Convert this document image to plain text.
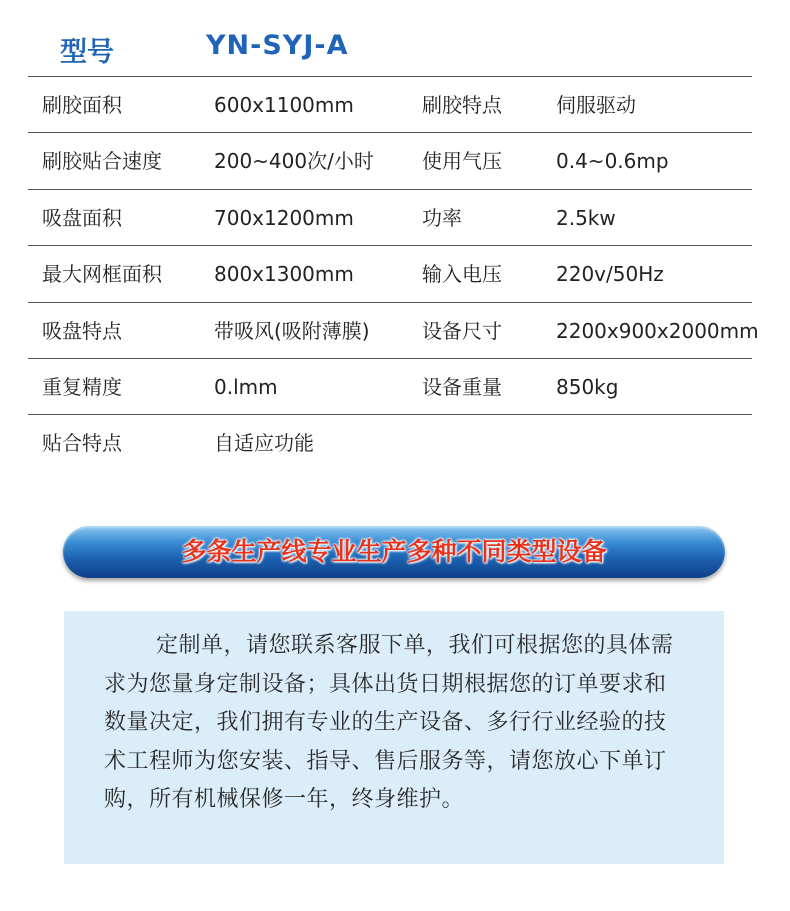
型号	YN-SYJ-A
刷胶面积	600x1100mm	刷胶特点	伺服驱动
刷胶贴合速度	200~400次/小时 使用气压	0.4~0.6mp
吸盘面积	700x1200mm	功率	2.5kw
最大网框面积	800x1300mm	输入电压	220v/50Hz
吸盘特点	带吸风(吸附薄膜)	设备尺寸	2200x900x2000mm
重复精度	0.lmm	设备重量	850kg
贴合特点	自适应功能
多条生产线专业生产多种不同类型设备

定制单，请您联系客服下单，我们可根据您的具体需求为您量身定制设备；具体出货日期根据您的订单要求和数量决定，我们拥有专业的生产设备、多行行业经验的技术工程师为您安装、指导、售后服务等，请您放心下单订购，所有机械保修一年，终身维护。
